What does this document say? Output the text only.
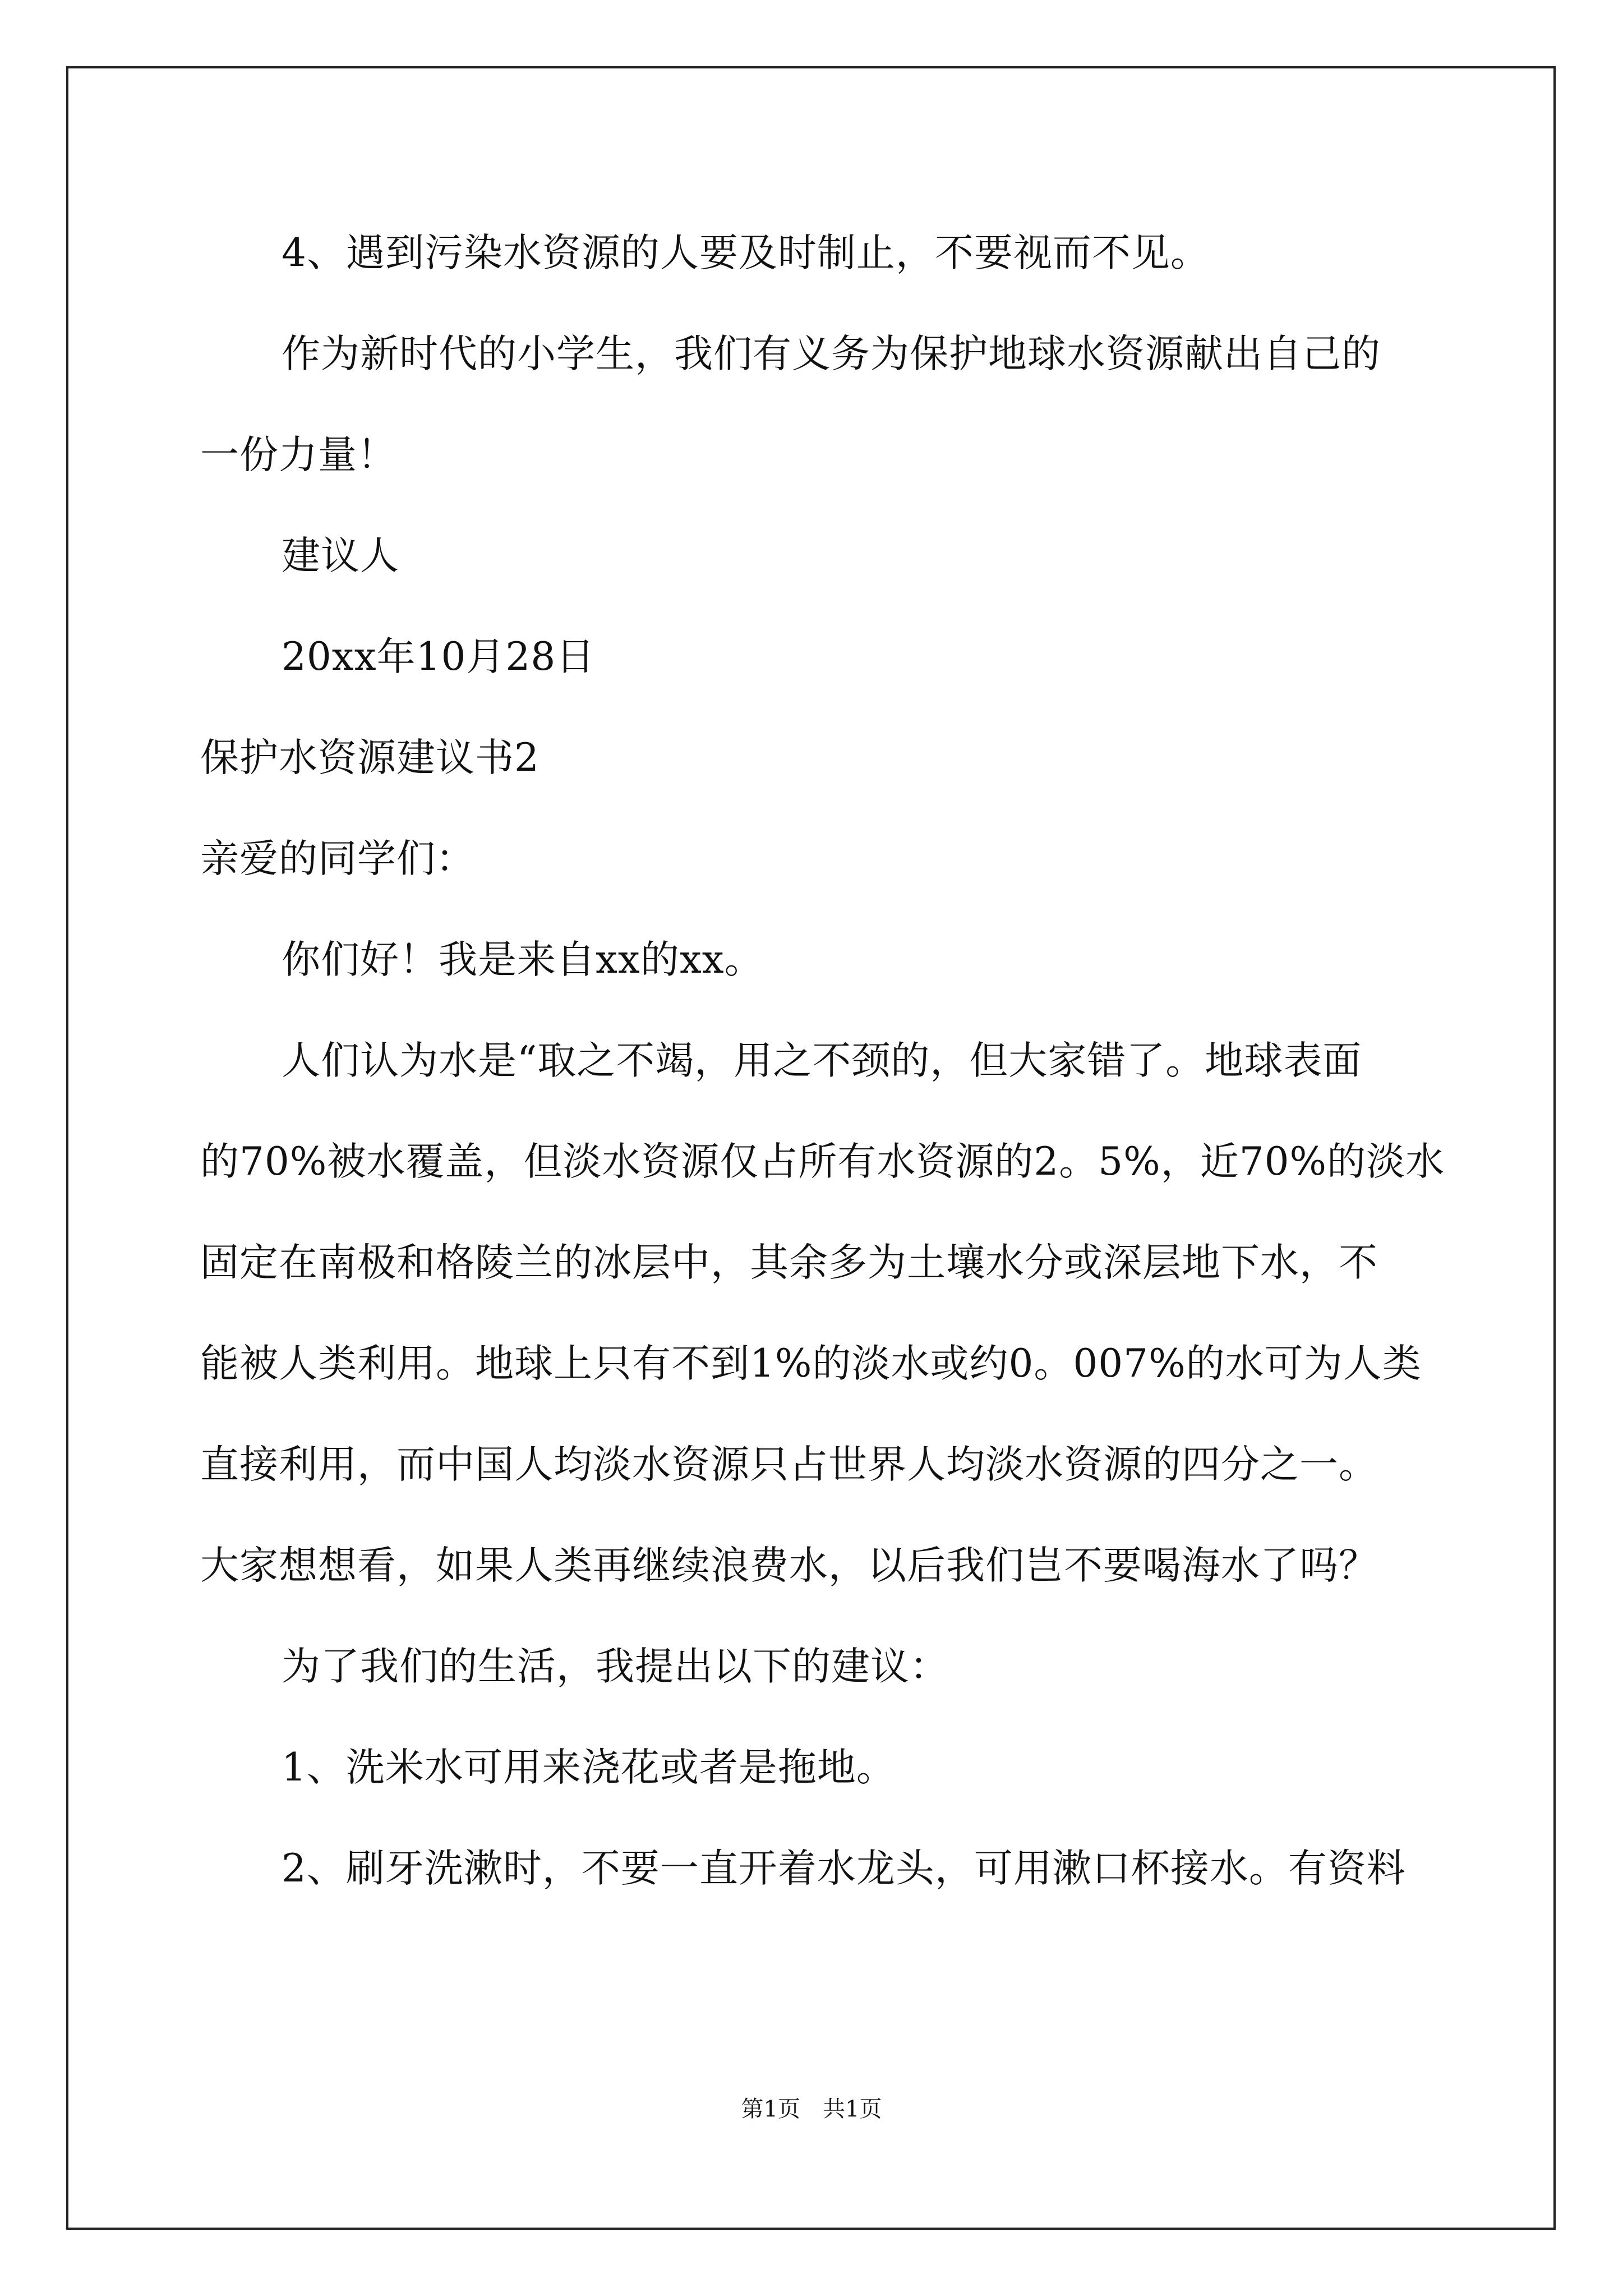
4、遇到污染水资源的人要及时制止，不要视而不见。
作为新时代的小学生，我们有义务为保护地球水资源献出自己的
一份力量！
建议人
20xx年10月28日
保护水资源建议书2
亲爱的同学们：
你们好！我是来自xx的xx。
人们认为水是“取之不竭，用之不颈的，但大家错了。地球表面
的70%被水覆盖，但淡水资源仅占所有水资源的2。5%，近70%的淡水
固定在南极和格陵兰的冰层中，其余多为土壤水分或深层地下水，不
能被人类利用。地球上只有不到1%的淡水或约0。007%的水可为人类
直接利用，而中国人均淡水资源只占世界人均淡水资源的四分之一。
大家想想看，如果人类再继续浪费水，以后我们岂不要喝海水了吗？
为了我们的生活，我提出以下的建议：
1、洗米水可用来浇花或者是拖地。
2、刷牙洗漱时，不要一直开着水龙头，可用漱口杯接水。有资料
第1页　共1页
